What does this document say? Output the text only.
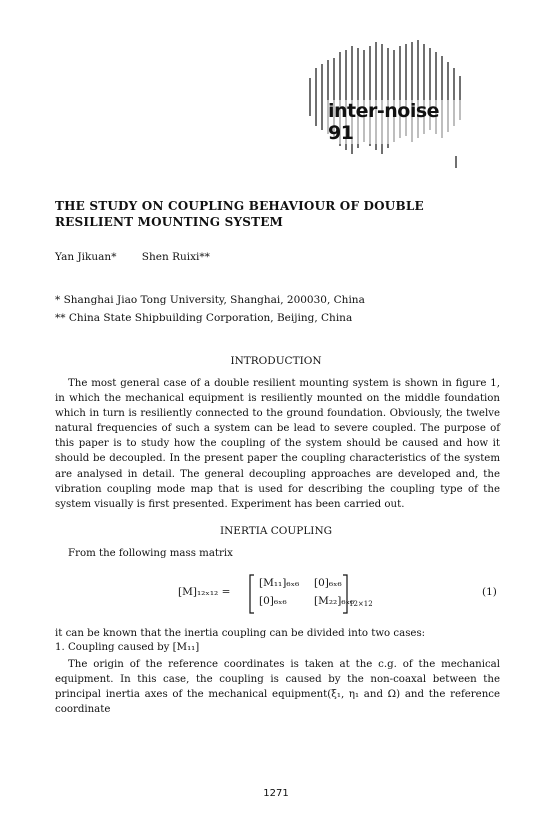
inter-noise 91
THE STUDY ON COUPLING BEHAVIOUR OF DOUBLE RESILIENT MOUNTING SYSTEM
Yan Jikuan* Shen Ruixi**
* Shanghai Jiao Tong University, Shanghai, 200030, China
** China State Shipbuilding Corporation, Beijing, China
INTRODUCTION

The most general case of a double resilient mounting system is shown in figure 1, in which the mechanical equipment is resiliently mounted on the middle foundation which in turn is resiliently connected to the ground foundation. Obviously, the twelve natural frequencies of such a system can be lead to severe coupled. The purpose of this paper is to study how the coupling of the system should be caused and how it should be decoupled. In the present paper the coupling characteristics of the system are analysed in detail. The general decoupling approaches are developed and, the vibration coupling mode map that is used for describing the coupling type of the system visually is first presented. Experiment has been carried out.

INERTIA COUPLING

From the following mass matrix

[M]₁₂ₓ₁₂ =
[M₁₁]₆ₓ₆ [0]₆ₓ₆
[0]₆ₓ₆	[M₂₂]₆ₓ₆
12×12
(1)

it can be known that the inertia coupling can be divided into two cases:

1. Coupling caused by [M₁₁]

The origin of the reference coordinates is taken at the c.g. of the mechanical equipment. In this case, the coupling is caused by the non-coaxal between the principal inertia axes of the mechanical equipment(ξ₁, η₁ and Ω) and the reference coordinate

1271
